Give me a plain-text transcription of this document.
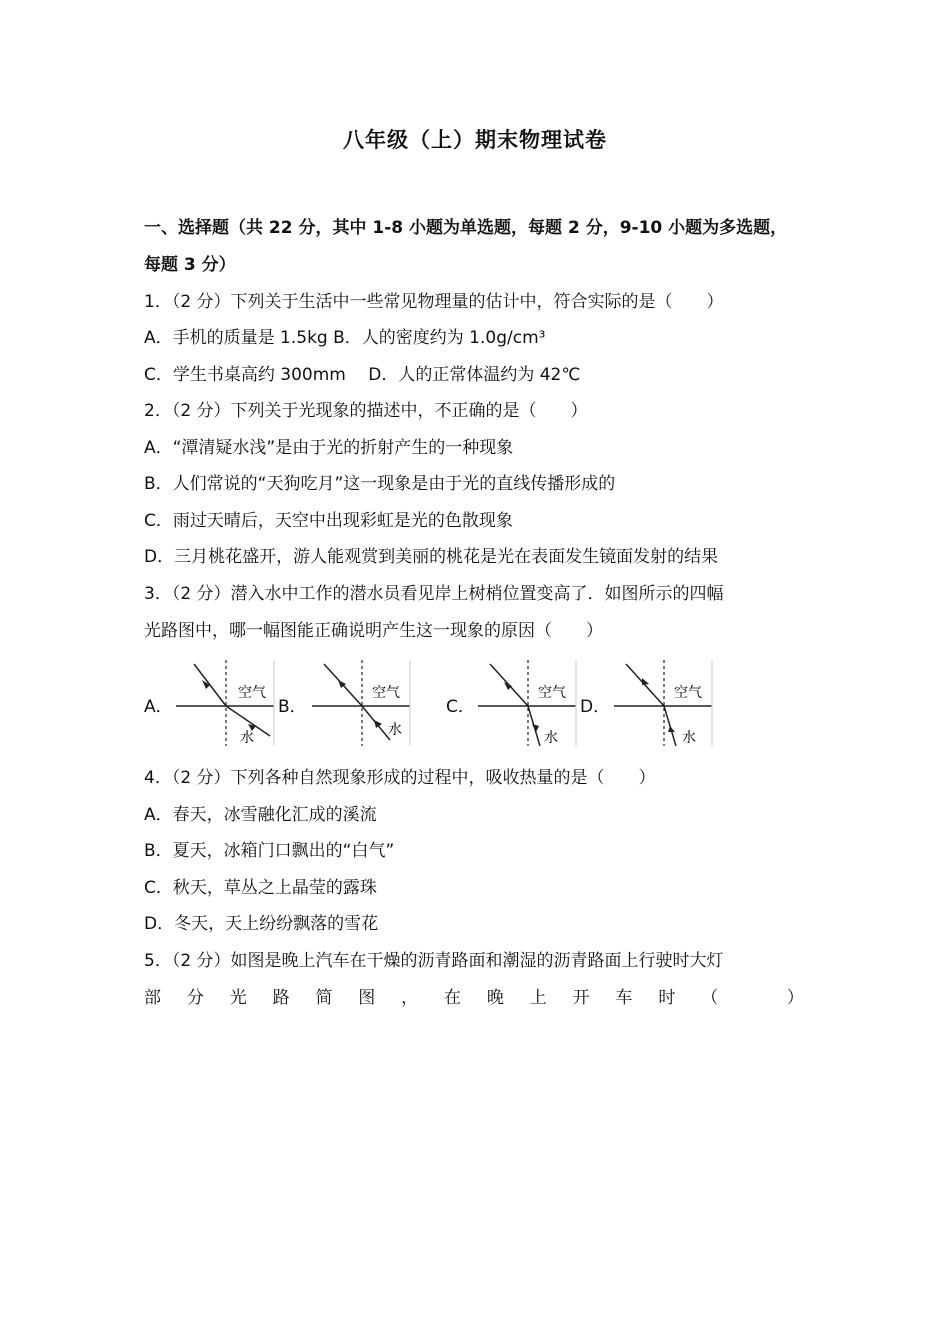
八年级（上）期末物理试卷
一、选择题（共 22 分，其中 1-8 小题为单选题，每题 2 分，9-10 小题为多选题，
每题 3 分）
1．（2 分）下列关于生活中一些常见物理量的估计中，符合实际的是（　　）
A．手机的质量是 1.5kg B．人的密度约为 1.0g/cm³
C．学生书桌高约 300mm　 D．人的正常体温约为 42℃
2．（2 分）下列关于光现象的描述中，不正确的是（　　）
A．“潭清疑水浅”是由于光的折射产生的一种现象
B．人们常说的“天狗吃月”这一现象是由于光的直线传播形成的
C．雨过天晴后，天空中出现彩虹是光的色散现象
D．三月桃花盛开，游人能观赏到美丽的桃花是光在表面发生镜面发射的结果
3．（2 分）潜入水中工作的潜水员看见岸上树梢位置变高了．如图所示的四幅
光路图中，哪一幅图能正确说明产生这一现象的原因（　　）
A．	B．	C．	D．
空气
水
空气
水
空气
水
空气
水
4．（2 分）下列各种自然现象形成的过程中，吸收热量的是（　　）
A．春天，冰雪融化汇成的溪流
B．夏天，冰箱门口飘出的“白气”
C．秋天，草丛之上晶莹的露珠
D．冬天，天上纷纷飘落的雪花
5．（2 分）如图是晚上汽车在干燥的沥青路面和潮湿的沥青路面上行驶时大灯
部 分 光 路 简 图 ， 在 晚 上 开 车 时 （
　	）
